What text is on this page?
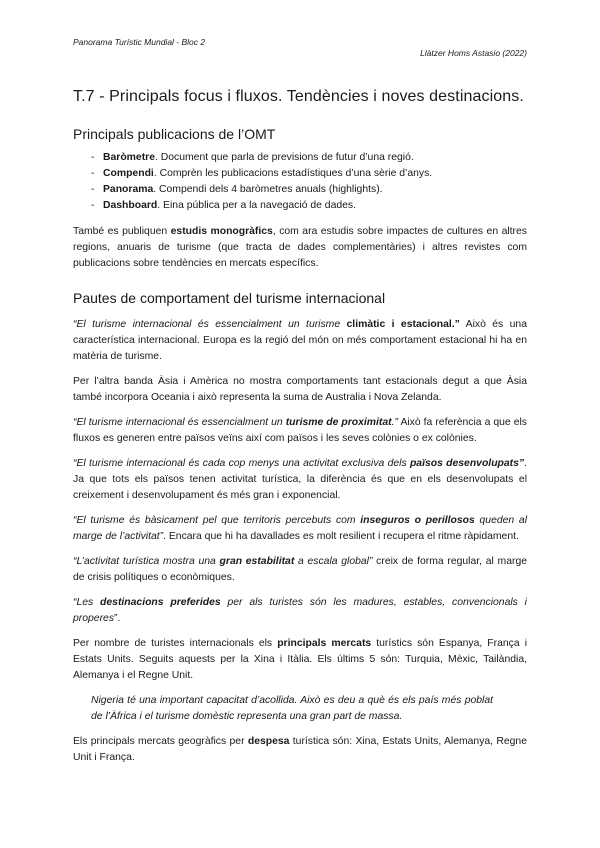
Panorama Turístic Mundial - Bloc 2
Llàtzer Homs Astasio (2022)
T.7 - Principals focus i fluxos. Tendències i noves destinacions.
Principals publicacions de l’OMT
- Baròmetre. Document que parla de previsions de futur d’una regió.
- Compendi. Comprèn les publicacions estadístiques d’una sèrie d’anys.
- Panorama. Compendi dels 4 baròmetres anuals (highlights).
- Dashboard. Eina pública per a la navegació de dades.

També es publiquen estudis monogràfics, com ara estudis sobre impactes de cultures en altres regions, anuaris de turisme (que tracta de dades complementàries) i altres revistes com publicacions sobre tendències en mercats específics.

Pautes de comportament del turisme internacional

“El turisme internacional és essencialment un turisme climàtic i estacional.” Això és una característica internacional. Europa es la regió del món on més comportament estacional hi ha en matèria de turisme.

Per l’altra banda Àsia i Amèrica no mostra comportaments tant estacionals degut a que Àsia també incorpora Oceania i això representa la suma de Australia i Nova Zelanda.

“El turisme internacional és essencialment un turisme de proximitat.” Això fa referència a que els fluxos es generen entre països veïns així com països i les seves colònies o ex colònies.

“El turisme internacional és cada cop menys una activitat exclusiva dels països desenvolupats”. Ja que tots els països tenen activitat turística, la diferència és que en els desenvolupats el creixement i desenvolupament és més gran i exponencial.

“El turisme és bàsicament pel que territoris percebuts com inseguros o perillosos queden al marge de l’activitat”. Encara que hi ha davallades es molt resilient i recupera el ritme ràpidament.

“L’activitat turística mostra una gran estabilitat a escala global” creix de forma regular, al marge de crisis polítiques o econòmiques.

“Les destinacions preferides per als turistes són les madures, estables, convencionals i properes”.

Per nombre de turistes internacionals els principals mercats turístics són Espanya, França i Estats Units. Seguits aquests per la Xina i Itàlia. Els últims 5 són: Turquia, Mèxic, Tailàndia, Alemanya i el Regne Unit.

Nigeria té una important capacitat d’acollida. Això es deu a què és els país més poblat de l’Àfrica i el turisme domèstic representa una gran part de massa.

Els principals mercats geogràfics per despesa turística són: Xina, Estats Units, Alemanya, Regne Unit i França.
